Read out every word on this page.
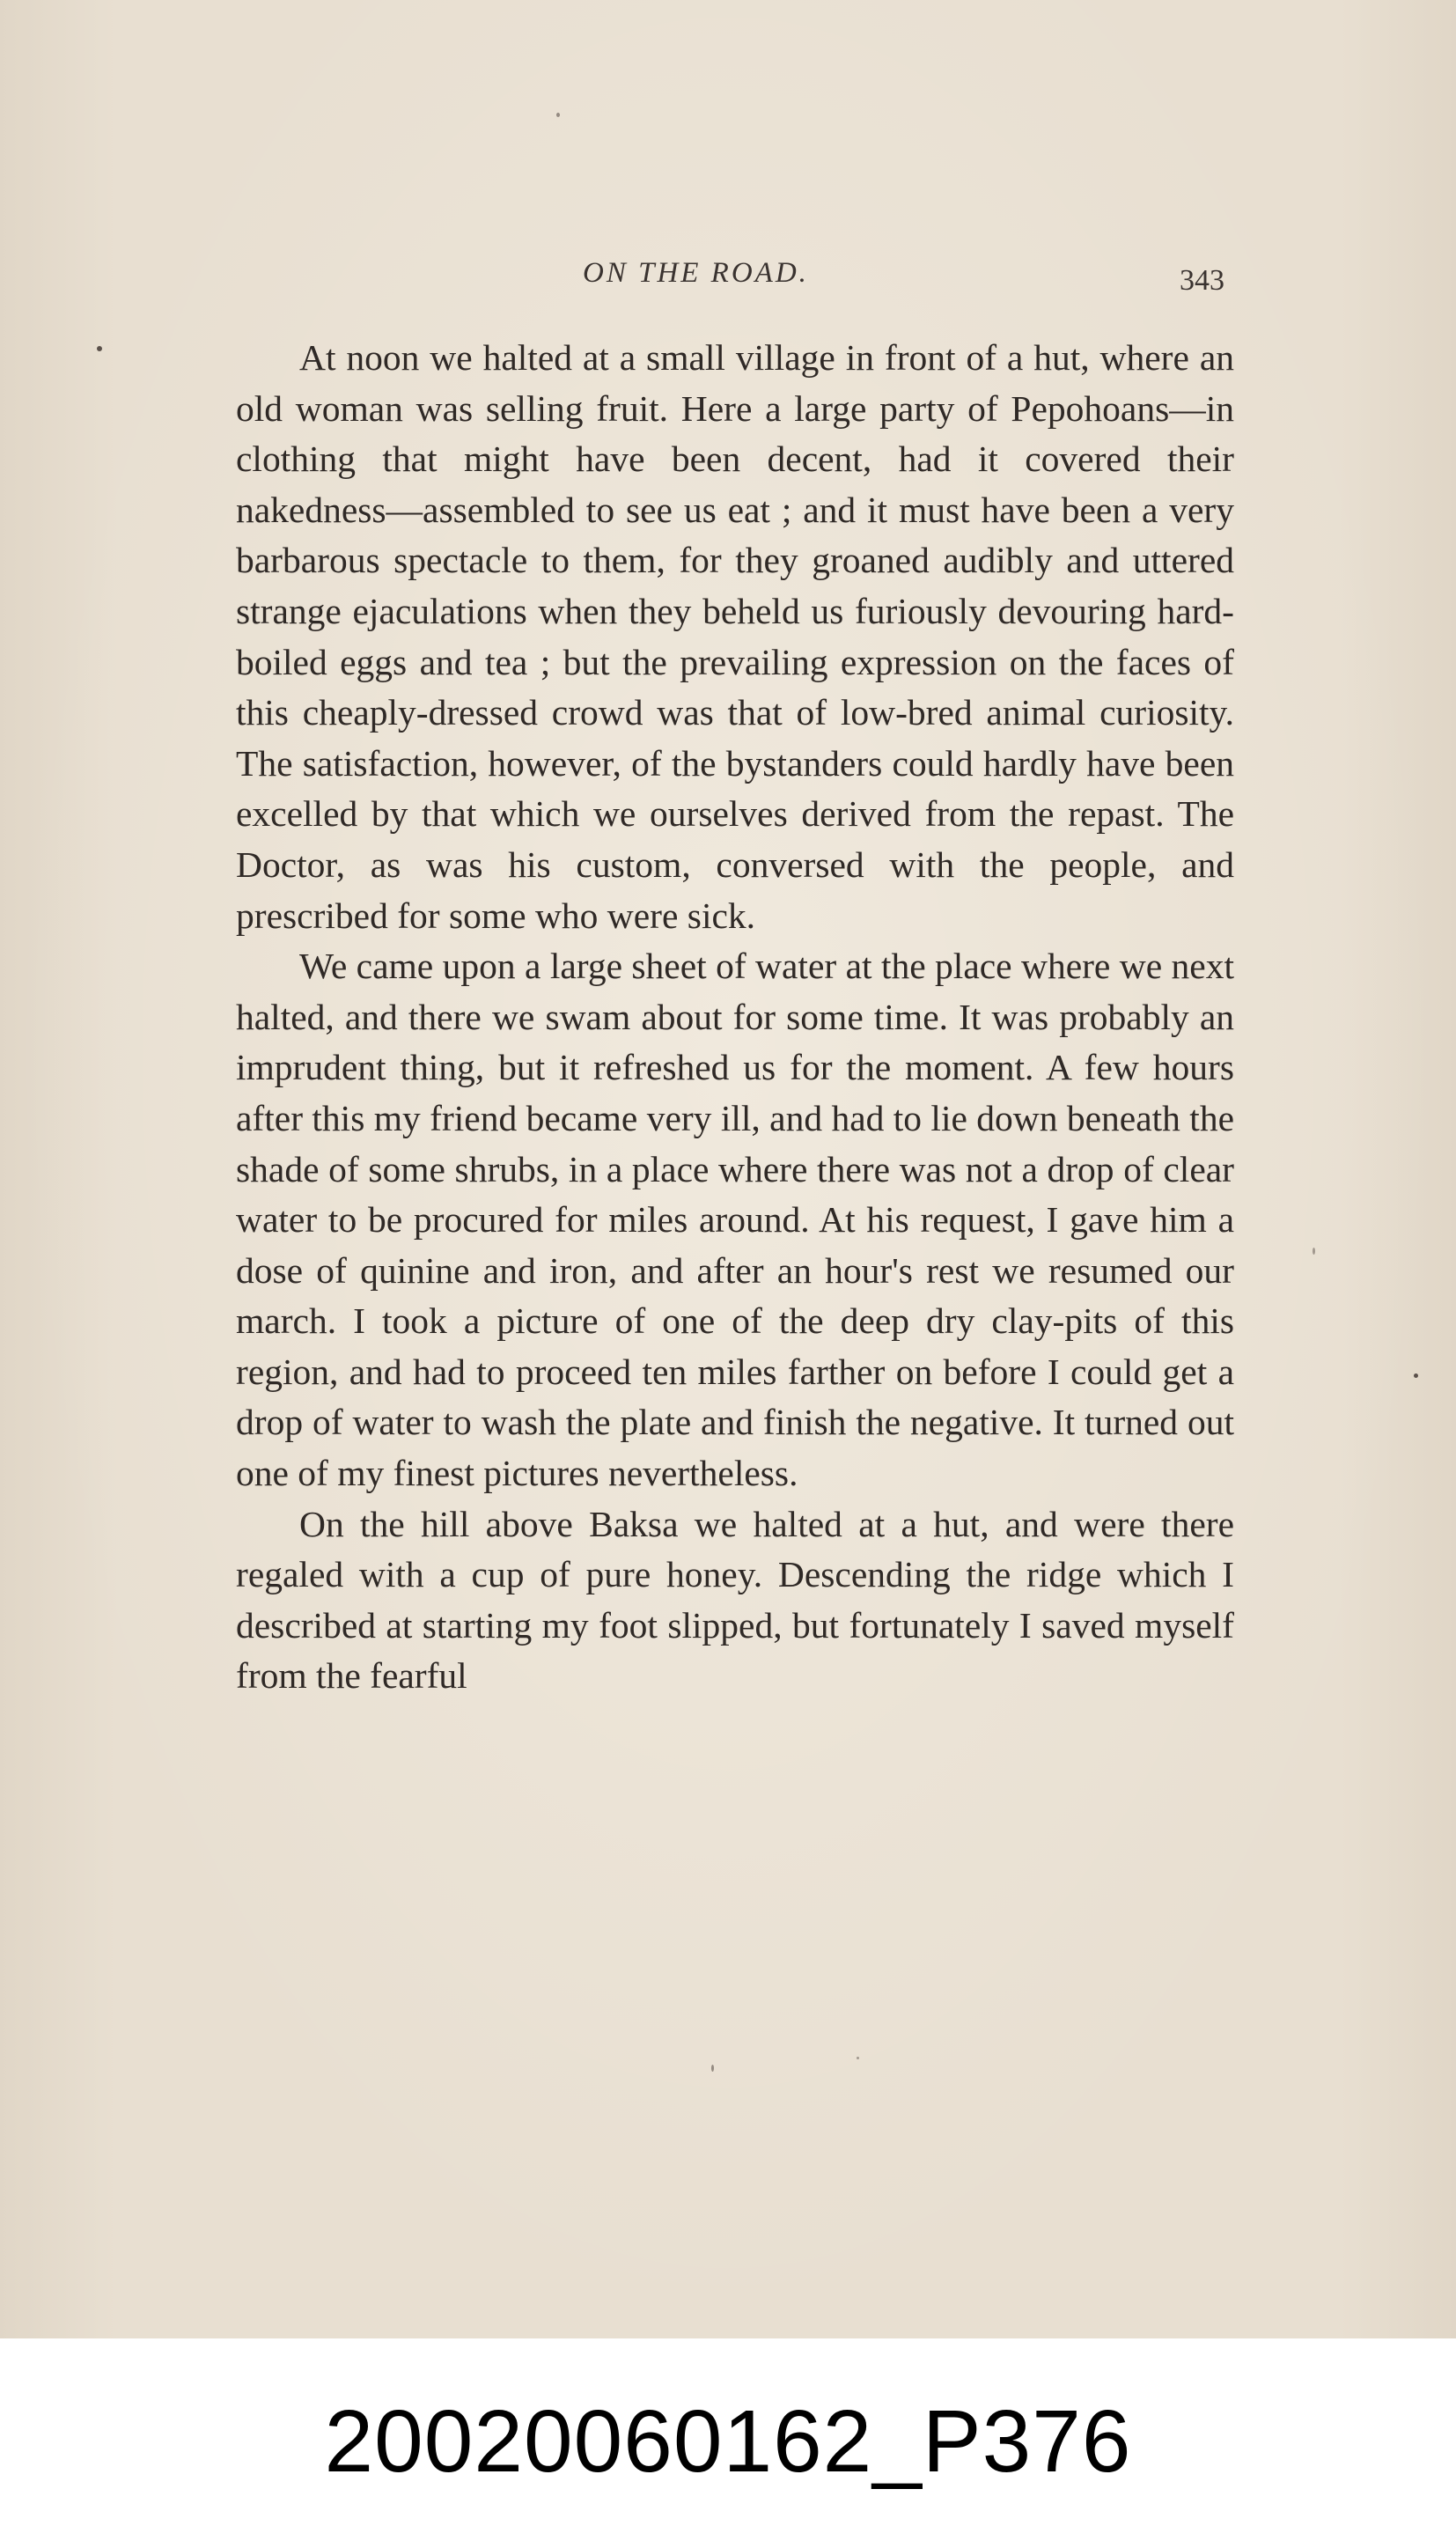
ON THE ROAD.	343

At noon we halted at a small village in front of a hut, where an old woman was selling fruit. Here a large party of Pepohoans—in clothing that might have been decent, had it covered their nakedness—assembled to see us eat ; and it must have been a very barbarous spectacle to them, for they groaned audibly and uttered strange ejaculations when they beheld us furiously devouring hard-boiled eggs and tea ; but the prevailing expression on the faces of this cheaply-dressed crowd was that of low-bred animal curiosity. The satisfaction, however, of the bystanders could hardly have been excelled by that which we ourselves derived from the repast. The Doctor, as was his custom, conversed with the people, and prescribed for some who were sick.

We came upon a large sheet of water at the place where we next halted, and there we swam about for some time. It was probably an imprudent thing, but it refreshed us for the moment. A few hours after this my friend became very ill, and had to lie down beneath the shade of some shrubs, in a place where there was not a drop of clear water to be procured for miles around. At his request, I gave him a dose of quinine and iron, and after an hour's rest we resumed our march. I took a picture of one of the deep dry clay-pits of this region, and had to proceed ten miles farther on before I could get a drop of water to wash the plate and finish the negative. It turned out one of my finest pictures nevertheless.

On the hill above Baksa we halted at a hut, and were there regaled with a cup of pure honey. Descending the ridge which I described at starting my foot slipped, but fortunately I saved myself from the fearful

20020060162_P376
